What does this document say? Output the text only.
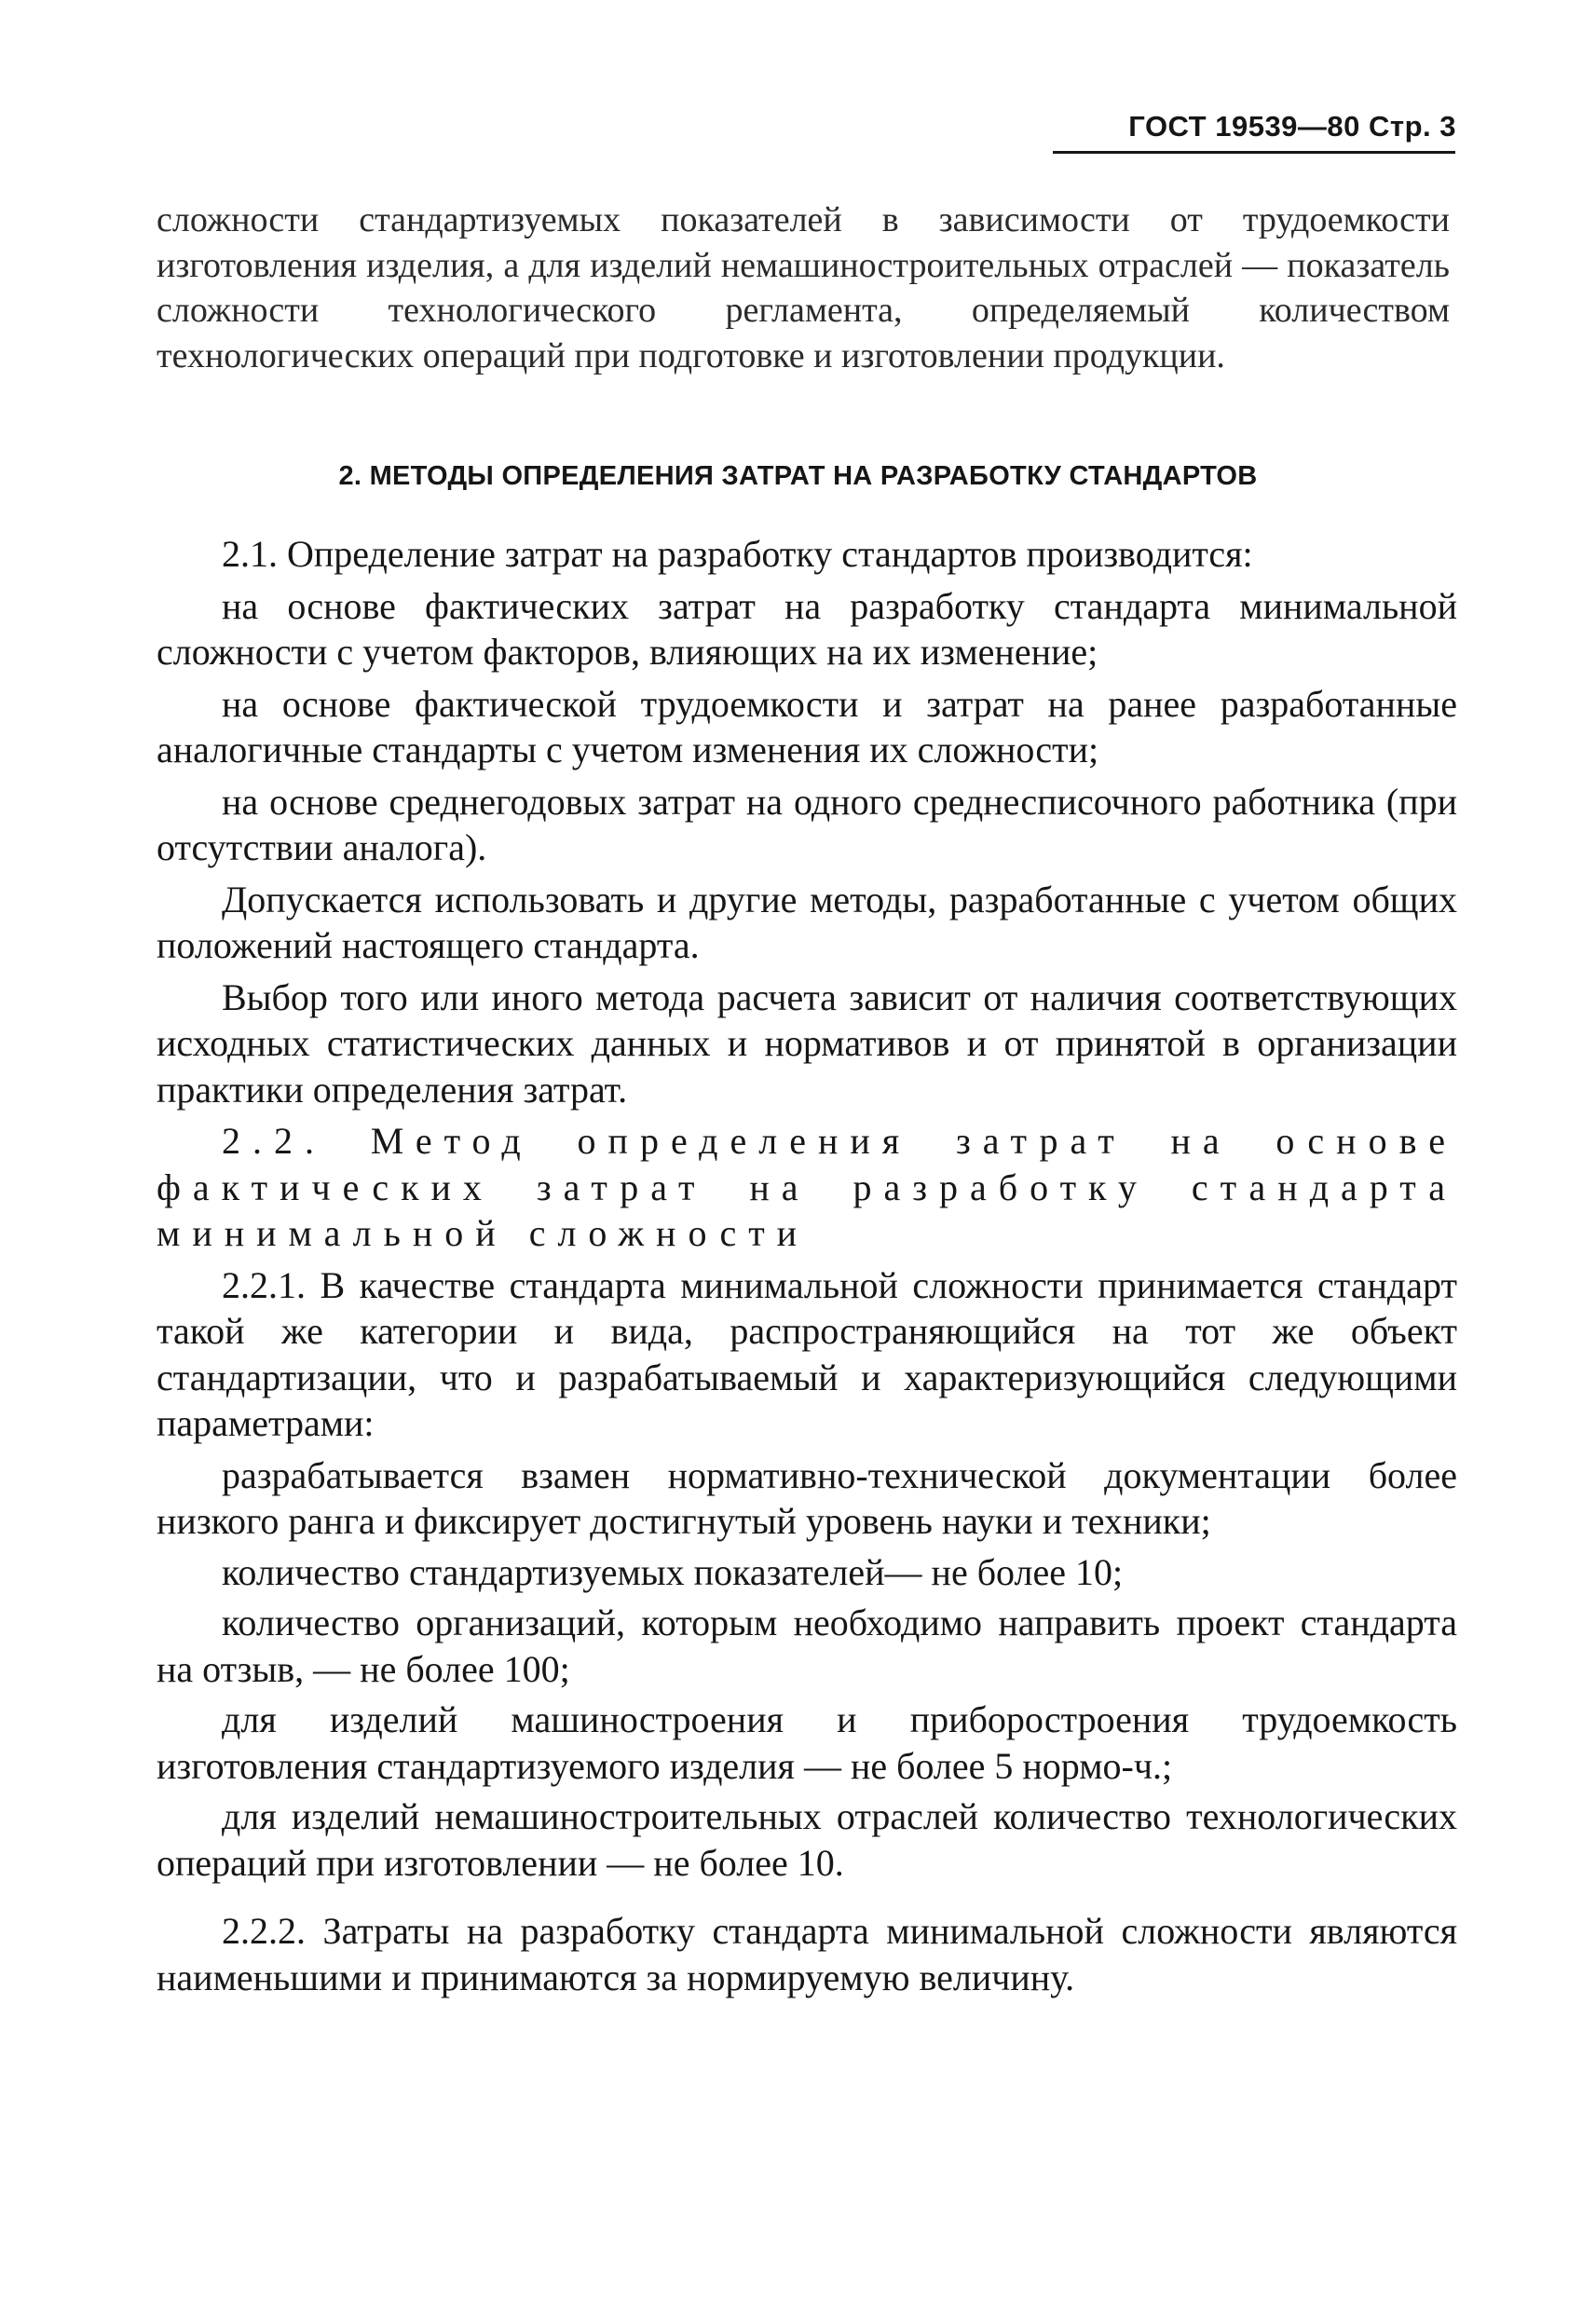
ГОСТ 19539—80 Стр. 3
сложности стандартизуемых показателей в зависимости от трудоемкости изготовления изделия, а для изделий немашиностроительных отраслей — показатель сложности технологического регламента, определяемый количеством технологических операций при подготовке и изготовлении продукции.
2. МЕТОДЫ ОПРЕДЕЛЕНИЯ ЗАТРАТ НА РАЗРАБОТКУ СТАНДАРТОВ

2.1. Определение затрат на разработку стандартов производится:

на основе фактических затрат на разработку стандарта минимальной сложности с учетом факторов, влияющих на их изменение;

на основе фактической трудоемкости и затрат на ранее разработанные аналогичные стандарты с учетом изменения их сложности;

на основе среднегодовых затрат на одного среднесписочного работника (при отсутствии аналога).

Допускается использовать и другие методы, разработанные с учетом общих положений настоящего стандарта.

Выбор того или иного метода расчета зависит от наличия соответствующих исходных статистических данных и нормативов и от принятой в организации практики определения затрат.

2.2. Метод определения затрат на основе фактических затрат на разработку стандарта минимальной сложности

2.2.1. В качестве стандарта минимальной сложности принимается стандарт такой же категории и вида, распространяющийся на тот же объект стандартизации, что и разрабатываемый и характеризующийся следующими параметрами:

разрабатывается взамен нормативно-технической документации более низкого ранга и фиксирует достигнутый уровень науки и техники;

количество стандартизуемых показателей— не более 10;

количество организаций, которым необходимо направить проект стандарта на отзыв, — не более 100;

для изделий машиностроения и приборостроения трудоемкость изготовления стандартизуемого изделия — не более 5 нормо-ч.;

для изделий немашиностроительных отраслей количество технологических операций при изготовлении — не более 10.

2.2.2. Затраты на разработку стандарта минимальной сложности являются наименьшими и принимаются за нормируемую величину.
